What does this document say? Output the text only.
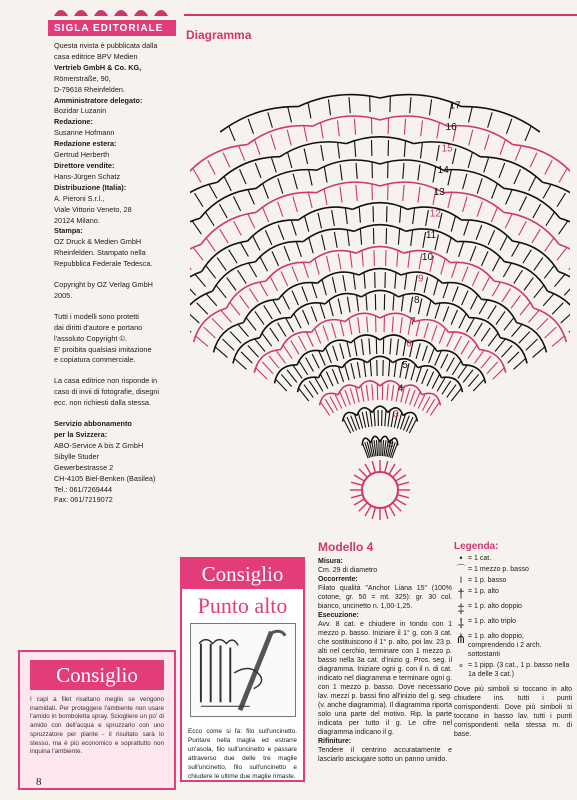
SIGLA EDITORIALE

Questa rivista è pubblicata dalla

casa editrice BPV Medien

Vertrieb GmbH & Co. KG,

Römerstraße, 90,

D-79618 Rheinfelden.

Amministratore delegato:

Bozidar Luzanin

Redazione:

Susanne Hofmann

Redazione estera:

Gertrud Herberth

Direttore vendite:

Hans-Jürgen Schatz

Distribuzione (Italia):

A. Pieroni S.r.l.,

Viale Vittorio Veneto, 28

20124 Milano.

Stampa:

OZ Druck & Medien GmbH

Rheinfelden. Stampato nella

Repubblica Federale Tedesca.

Copyright by OZ Verlag GmbH

2005.

Tutti i modelli sono protetti

dai diritti d'autore e portano

l'assoluto Copyright ©.

E' proibita qualsiasi imitazione

e copiatura commerciale.

La casa editrice non risponde in

caso di invii di fotografie, disegni

ecc. non richiesti dalla stessa.

Servizio abbonamento

per la Svizzera:

ABO-Service A bis Z GmbH

Sibylle Studer

Gewerbestrasse 2

CH-4105 Biel-Benken (Basilea)

Tel.: 061/7269444

Fax: 061/7219072

Diagramma
2
3
4
5
6
7
8
9
10
11
12
13
14
15
16
17
Consiglio
Punto alto
Ecco come si fa: filo sull'uncinetto. Puntare nella maglia ed estrarre un'asola, filo sull'uncinetto e passare attraverso due delle tre maglie sull'uncinetto, filo sull'uncinetto e chiudere le ultime due maglie rimaste.
Consiglio
I capi a filet risaltano meglio se vengono inamidati. Per proteggere l'ambiente non usare l'amido in bomboletta spray. Sciogliere un po' di amido con dell'acqua e spruzzarlo con uno spruzzatore per piante - il risultato sarà lo stesso, ma è più economico e soprattutto non inquina l'ambiente.
8
Modello 4
Misura:
Cm. 29 di diametro
Occorrente:
Filato qualità "Anchor Liana 15" (100% cotone, gr. 50 = mt. 325): gr. 30 col. bianco, uncinetto n. 1,00-1,25.
Esecuzione:
Avv. 8 cat. e chiudere in tondo con 1 mezzo p. basso. Iniziare il 1° g. con 3 cat. che sostituiscono il 1° p. alto, poi lav. 23 p. alti nel cerchio, terminare con 1 mezzo p. basso nella 3a cat. d'inizio g. Pros. seg. il diagramma. Iniziare ogni g. con il n. di cat. indicato nel diagramma e terminare ogni g. con 1 mezzo p. basso. Dove necessario lav. mezzi p. bassi fino all'inizio del g. seg. (v. anche diagramma). Il diagramma riporta solo una parte del motivo. Rip. la parte indicata per tutto il g. Le cifre nel diagramma indicano il g.
Rifiniture:
Tendere il centrino accuratamente e lasciarlo asciugare sotto un panno umido.
Legenda:
• = 1 cat.
⌒ = 1 mezzo p. basso
I = 1 p. basso
† = 1 p. alto
‡ = 1 p. alto doppio
⸸ = 1 p. alto triplo
⋔ = 1 p. alto doppio, comprendendo i 2 arch. sottostanti
∘ = 1 pipp. (3 cat., 1 p. basso nella 1a delle 3 cat.)
Dove più simboli si toccano in alto chiudere ins. tutti i punti corrispondenti. Dove più simboli si toccano in basso lav. tutti i punti corrispondenti nella stessa m. di base.
